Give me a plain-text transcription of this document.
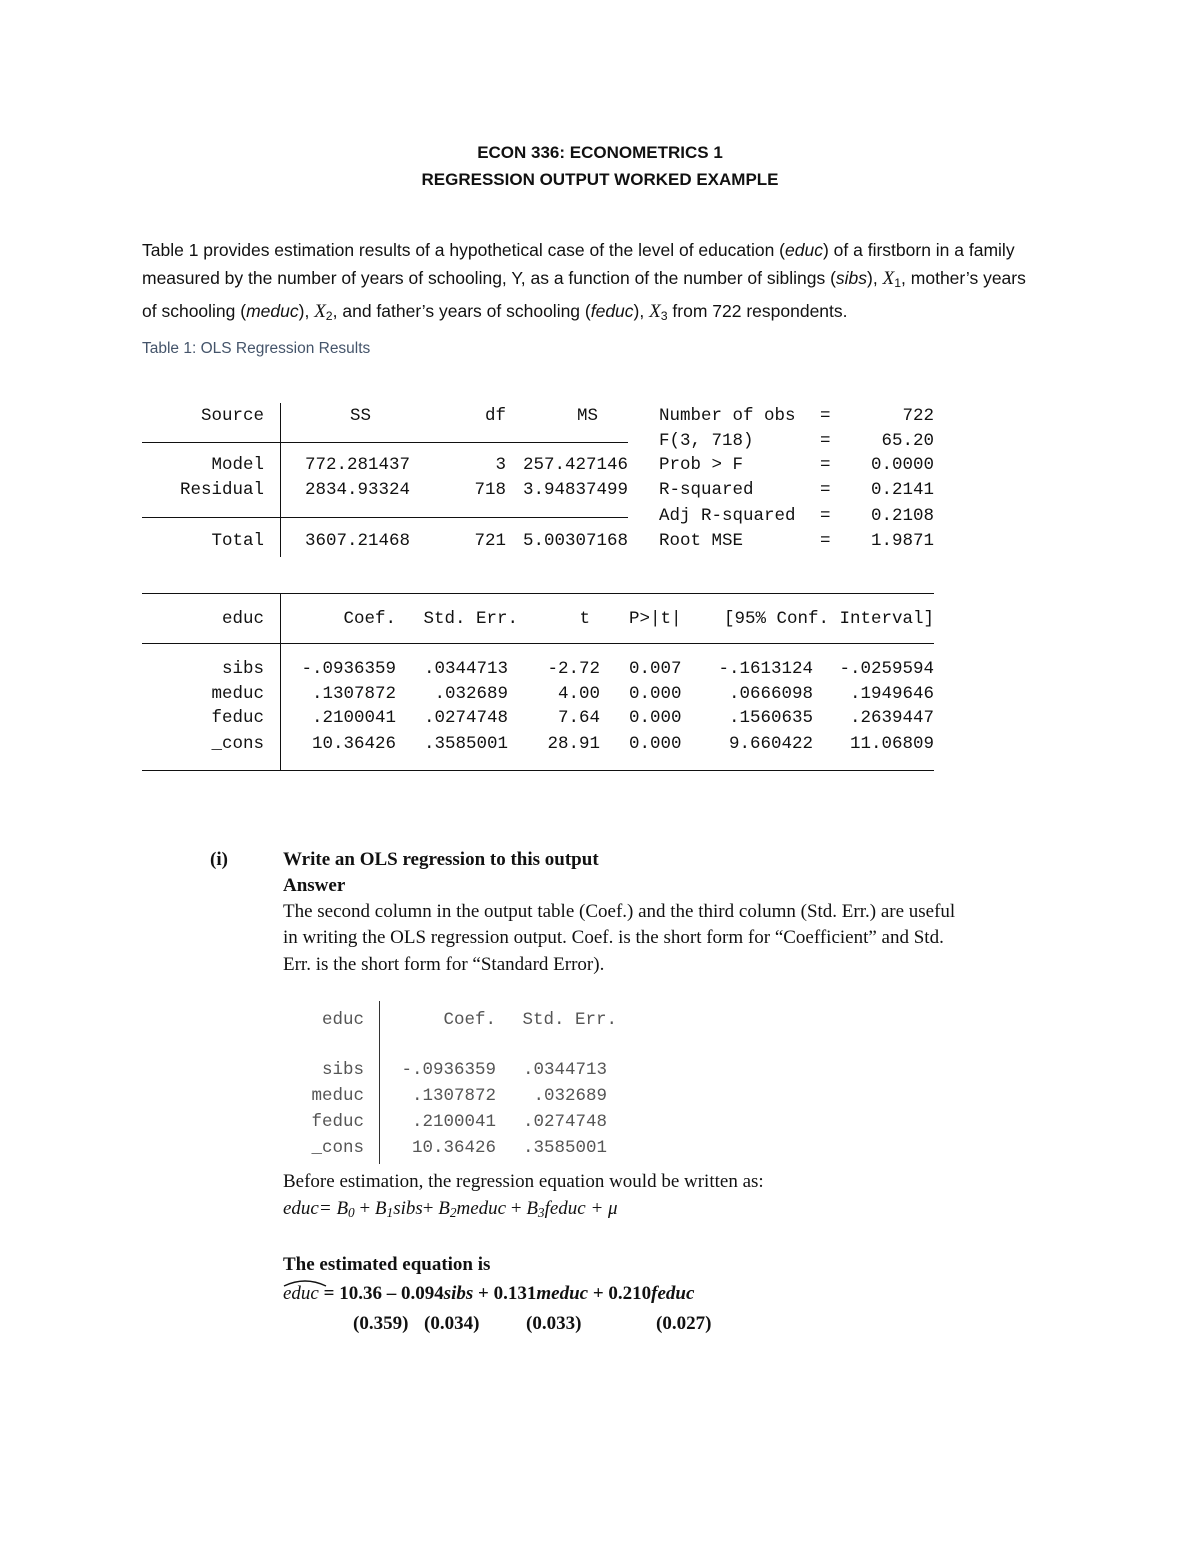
ECON 336: ECONOMETRICS 1
REGRESSION OUTPUT WORKED EXAMPLE
Table 1 provides estimation results of a hypothetical case of the level of education (educ) of a firstborn in a family
measured by the number of years of schooling, Y, as a function of the number of siblings (sibs), $X_1$, mother’s years
of schooling (meduc), $X_2$, and father’s years of schooling (feduc), $X_3$ from 722 respondents.
Table 1: OLS Regression Results
Source	SS	df	MS
Model 772.281437	3 257.427146
Residual 2834.93324	718 3.94837499
Total 3607.21468	721 5.00307168
Number of obs =	722
F(3, 718)	=	65.20
Prob > F	=	0.0000
R-squared	=	0.2141
Adj R-squared =	0.2108
Root MSE	=	1.9871
educ	Coef.	Std. Err.	t P>|t|	[95% Conf. Interval]
sibs	-.0936359	.0344713	-2.72 0.007	-.1613124	-.0259594
meduc	.1307872	.032689	4.00 0.000	.0666098	.1949646
feduc	.2100041	.0274748	7.64 0.000	.1560635	.2639447
_cons	10.36426	.3585001	28.91 0.000	9.660422	11.06809
(i)	Write an OLS regression to this output
Answer
The second column in the output table (Coef.) and the third column (Std. Err.) are useful
in writing the OLS regression output. Coef. is the short form for “Coefficient” and Std.
Err. is the short form for “Standard Error).
educ	Coef.	Std. Err.
sibs	-.0936359	.0344713
meduc	.1307872	.032689
feduc	.2100041	.0274748
_cons	10.36426	.3585001
Before estimation, the regression equation would be written as:
educ= $B_0$ + $B_1sibs+$ $B_2meduc$ + $B_3feduc + \mu$
The estimated equation is
educ = 10.36 – 0.094sibs + 0.131meduc + 0.210feduc
(0.359) (0.034) (0.033)	(0.027)
